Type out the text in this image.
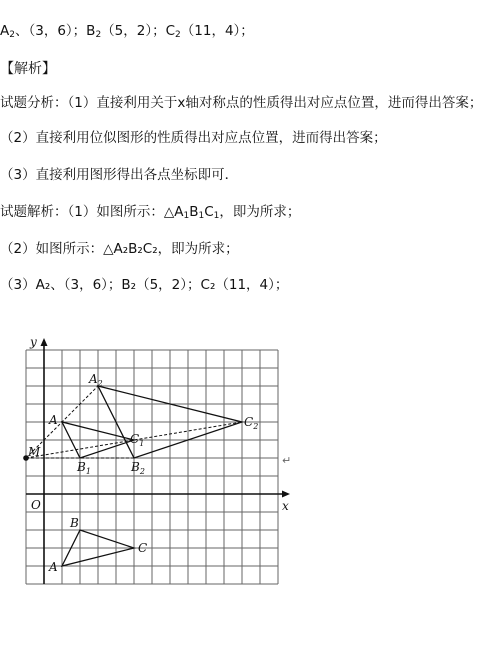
$A_2$、（3，6）；$B_2(5$，2）；$C_2(11$，4）；
【解析】
试题分析：（1）直接利用关于x轴对称点的性质得出对应点位置，进而得出答案；
（2）直接利用位似图形的性质得出对应点位置，进而得出答案；
（3）直接利用图形得出各点坐标即可．
试题解析：（1）如图所示：$\triangle A_1B_1C_1$，即为所求；
（2）如图所示：△A₂B₂C₂，即为所求；
（3）A₂、（3，6）；B₂（5，2）；C₂（11，4）；
x
y
O
A
B
C
A
$B_1$
$C_1$
$A_2$
$B_2$
$C_2$
M
↵
